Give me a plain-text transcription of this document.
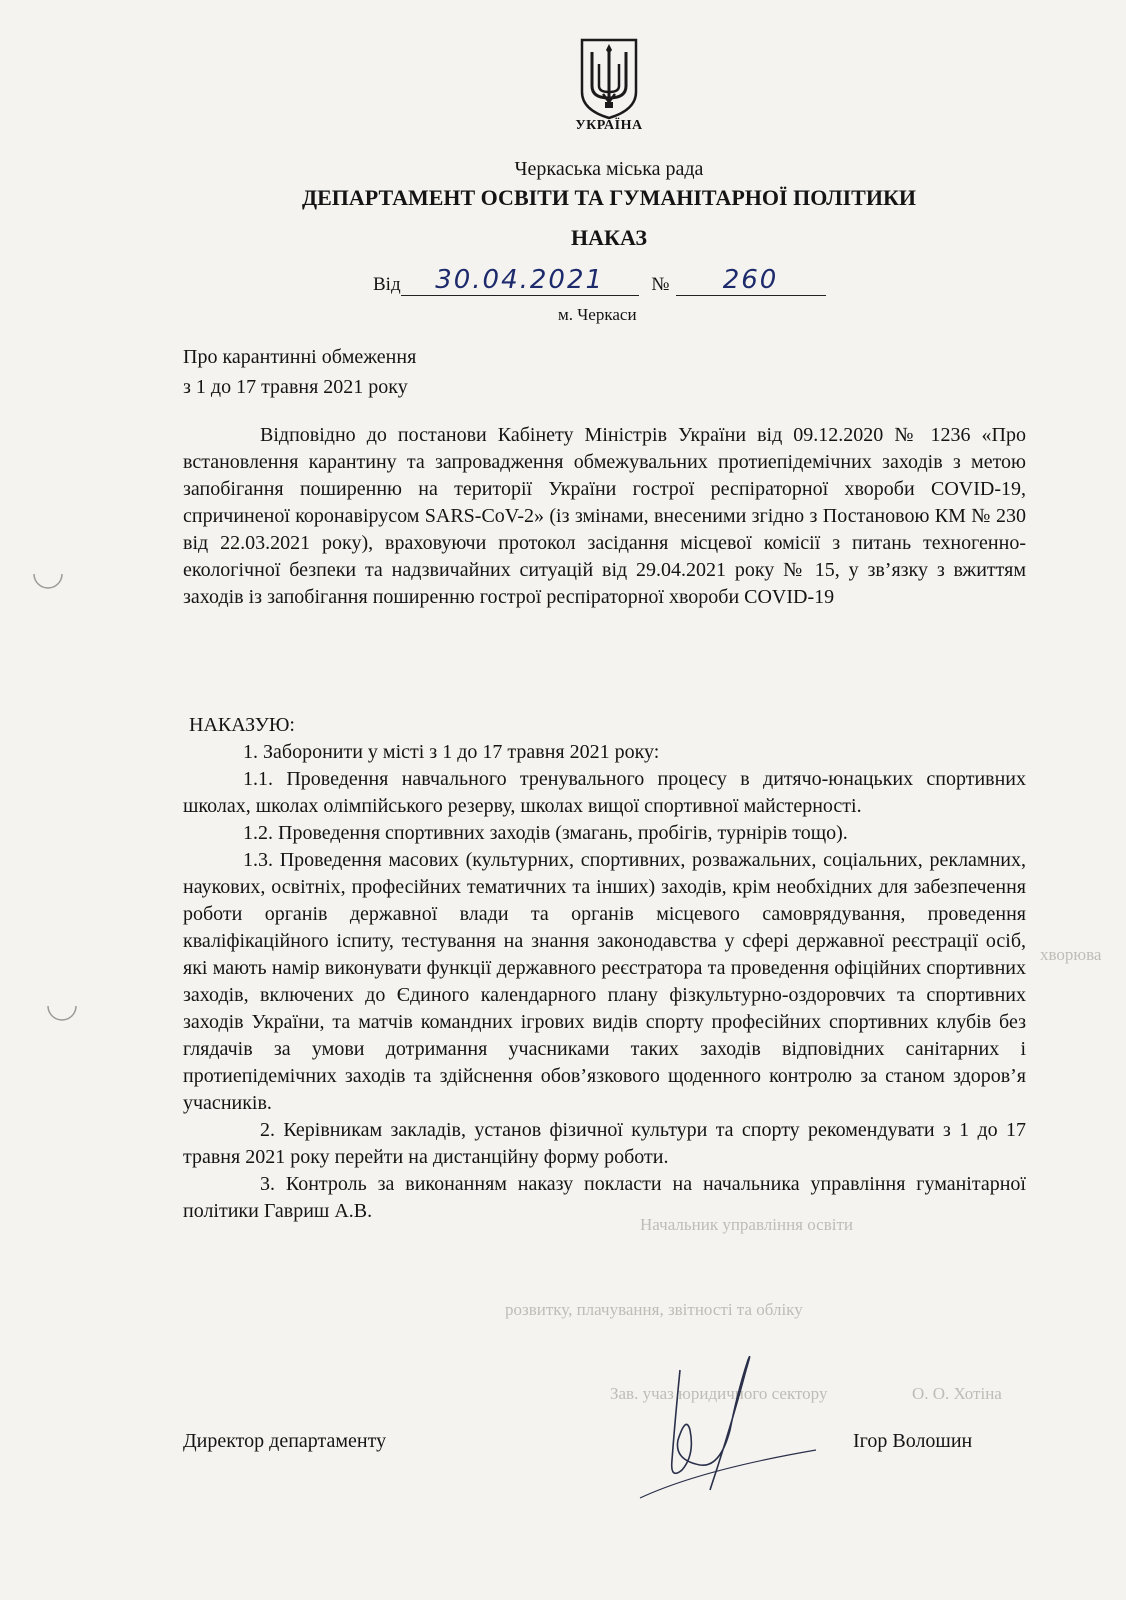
хворюва
Начальник управління освіти
розвитку, плачування, звітності та обліку
Зав. учаз юридичного сектору	О. О. Хотіна
УКРАЇНА
Черкаська міська рада
ДЕПАРТАМЕНТ ОСВІТИ ТА ГУМАНІТАРНОЇ ПОЛІТИКИ
НАКАЗ
Від 30.04.2021 № 260
м. Черкаси
Про карантинні обмеження
з 1 до 17 травня 2021 року

Відповідно до постанови Кабінету Міністрів України від 09.12.2020 № 1236 «Про встановлення карантину та запровадження обмежувальних протиепідемічних заходів з метою запобігання поширенню на території України гострої респіраторної хвороби COVID-19, спричиненої коронавірусом SARS-CoV-2» (із змінами, внесеними згідно з Постановою КМ № 230 від 22.03.2021 року), враховуючи протокол засідання місцевої комісії з питань техногенно-екологічної безпеки та надзвичайних ситуацій від 29.04.2021 року № 15, у зв’язку з вжиттям заходів із запобігання поширенню гострої респіраторної хвороби COVID-19

НАКАЗУЮ:

1. Заборонити у місті з 1 до 17 травня 2021 року:

1.1. Проведення навчального тренувального процесу в дитячо-юнацьких спортивних школах, школах олімпійського резерву, школах вищої спортивної майстерності.

1.2. Проведення спортивних заходів (змагань, пробігів, турнірів тощо).

1.3. Проведення масових (культурних, спортивних, розважальних, соціальних, рекламних, наукових, освітніх, професійних тематичних та інших) заходів, крім необхідних для забезпечення роботи органів державної влади та органів місцевого самоврядування, проведення кваліфікаційного іспиту, тестування на знання законодавства у сфері державної реєстрації осіб, які мають намір виконувати функції державного реєстратора та проведення офіційних спортивних заходів, включених до Єдиного календарного плану фізкультурно-оздоровчих та спортивних заходів України, та матчів командних ігрових видів спорту професійних спортивних клубів без глядачів за умови дотримання учасниками таких заходів відповідних санітарних і протиепідемічних заходів та здійснення обов’язкового щоденного контролю за станом здоров’я учасників.

2. Керівникам закладів, установ фізичної культури та спорту рекомендувати з 1 до 17 травня 2021 року перейти на дистанційну форму роботи.

3. Контроль за виконанням наказу покласти на начальника управління гуманітарної політики Гавриш А.В.

Директор департаменту	Ігор Волошин
